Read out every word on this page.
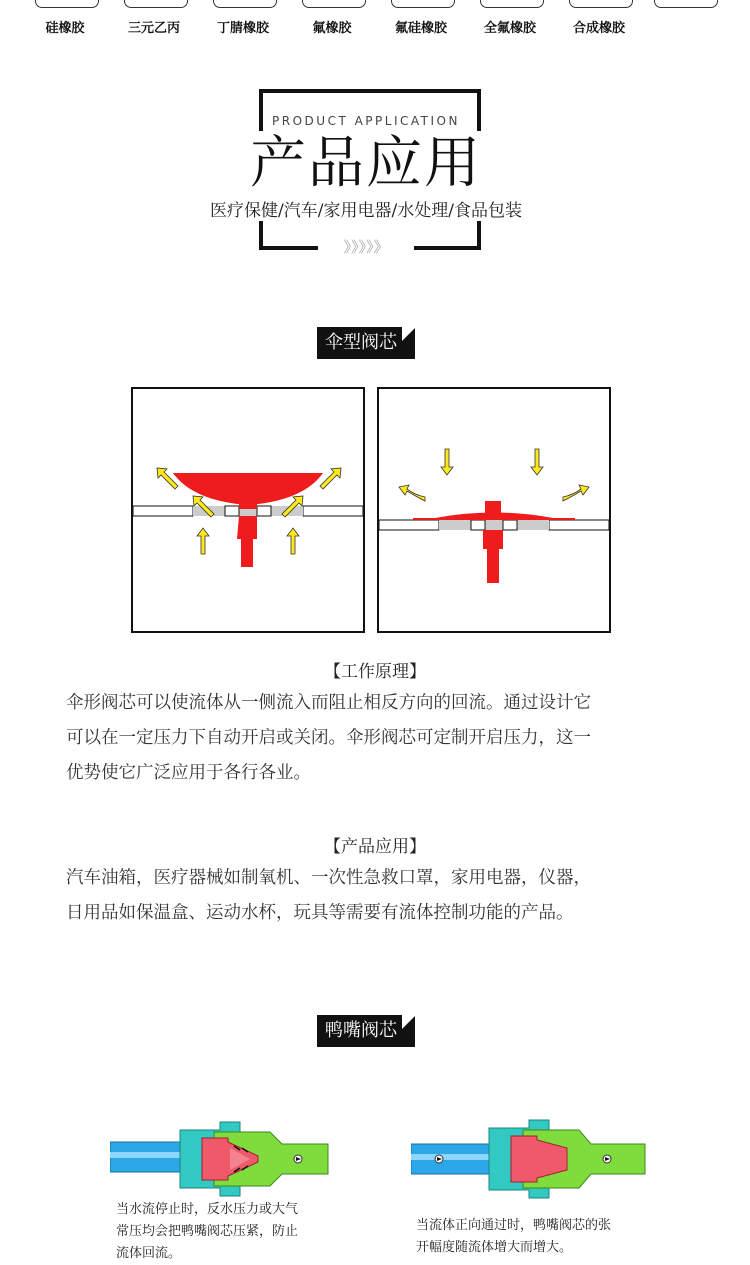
硅橡胶	三元乙丙	丁腈橡胶	氟橡胶	氟硅橡胶	全氟橡胶	合成橡胶
PRODUCT APPLICATION
产品应用
医疗保健/汽车/家用电器/水处理/食品包装
》》》》》
伞型阀芯
【工作原理】
伞形阀芯可以使流体从一侧流入而阻止相反方向的回流。通过设计它
可以在一定压力下自动开启或关闭。伞形阀芯可定制开启压力，这一
优势使它广泛应用于各行各业。
【产品应用】
汽车油箱，医疗器械如制氧机、一次性急救口罩，家用电器，仪器，
日用品如保温盒、运动水杯，玩具等需要有流体控制功能的产品。
鸭嘴阀芯
当水流停止时，反水压力或大气
常压均会把鸭嘴阀芯压紧，防止
流体回流。
当流体正向通过时，鸭嘴阀芯的张
开幅度随流体增大而增大。
